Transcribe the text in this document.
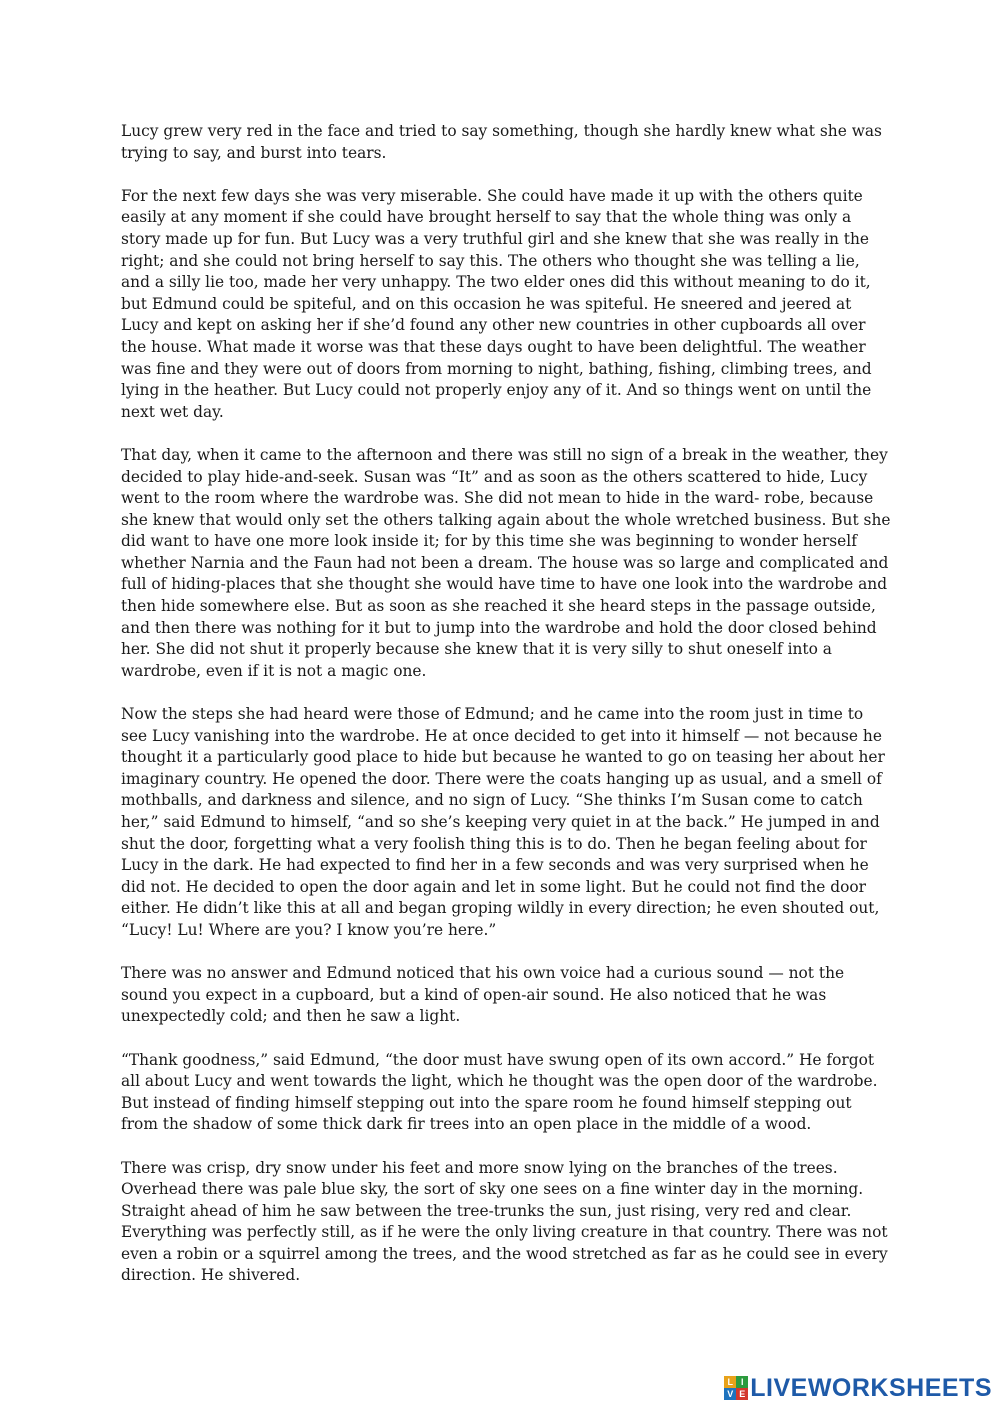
Lucy grew very red in the face and tried to say something, though she hardly knew what she was trying to say, and burst into tears.

For the next few days she was very miserable. She could have made it up with the others quite easily at any moment if she could have brought herself to say that the whole thing was only a story made up for fun. But Lucy was a very truthful girl and she knew that she was really in the right; and she could not bring herself to say this. The others who thought she was telling a lie, and a silly lie too, made her very unhappy. The two elder ones did this without meaning to do it, but Edmund could be spiteful, and on this occasion he was spiteful. He sneered and jeered at Lucy and kept on asking her if she’d found any other new countries in other cupboards all over the house. What made it worse was that these days ought to have been delightful. The weather was fine and they were out of doors from morning to night, bathing, fishing, climbing trees, and lying in the heather. But Lucy could not properly enjoy any of it. And so things went on until the next wet day.

That day, when it came to the afternoon and there was still no sign of a break in the weather, they decided to play hide-and-seek. Susan was “It” and as soon as the others scattered to hide, Lucy went to the room where the wardrobe was. She did not mean to hide in the ward- robe, because she knew that would only set the others talking again about the whole wretched business. But she did want to have one more look inside it; for by this time she was beginning to wonder herself whether Narnia and the Faun had not been a dream. The house was so large and complicated and full of hiding-places that she thought she would have time to have one look into the wardrobe and then hide somewhere else. But as soon as she reached it she heard steps in the passage outside, and then there was nothing for it but to jump into the wardrobe and hold the door closed behind her. She did not shut it properly because she knew that it is very silly to shut oneself into a wardrobe, even if it is not a magic one.

Now the steps she had heard were those of Edmund; and he came into the room just in time to see Lucy vanishing into the wardrobe. He at once decided to get into it himself — not because he thought it a particularly good place to hide but because he wanted to go on teasing her about her imaginary country. He opened the door. There were the coats hanging up as usual, and a smell of mothballs, and darkness and silence, and no sign of Lucy. “She thinks I’m Susan come to catch her,” said Edmund to himself, “and so she’s keeping very quiet in at the back.” He jumped in and shut the door, forgetting what a very foolish thing this is to do. Then he began feeling about for Lucy in the dark. He had expected to find her in a few seconds and was very surprised when he did not. He decided to open the door again and let in some light. But he could not find the door either. He didn’t like this at all and began groping wildly in every direction; he even shouted out, “Lucy! Lu! Where are you? I know you’re here.”

There was no answer and Edmund noticed that his own voice had a curious sound — not the sound you expect in a cupboard, but a kind of open-air sound. He also noticed that he was unexpectedly cold; and then he saw a light.

“Thank goodness,” said Edmund, “the door must have swung open of its own accord.” He forgot all about Lucy and went towards the light, which he thought was the open door of the wardrobe. But instead of finding himself stepping out into the spare room he found himself stepping out from the shadow of some thick dark fir trees into an open place in the middle of a wood.

There was crisp, dry snow under his feet and more snow lying on the branches of the trees. Overhead there was pale blue sky, the sort of sky one sees on a fine winter day in the morning. Straight ahead of him he saw between the tree-trunks the sun, just rising, very red and clear. Everything was perfectly still, as if he were the only living creature in that country. There was not even a robin or a squirrel among the trees, and the wood stretched as far as he could see in every direction. He shivered.

L I
V E LIVEWORKSHEETS
